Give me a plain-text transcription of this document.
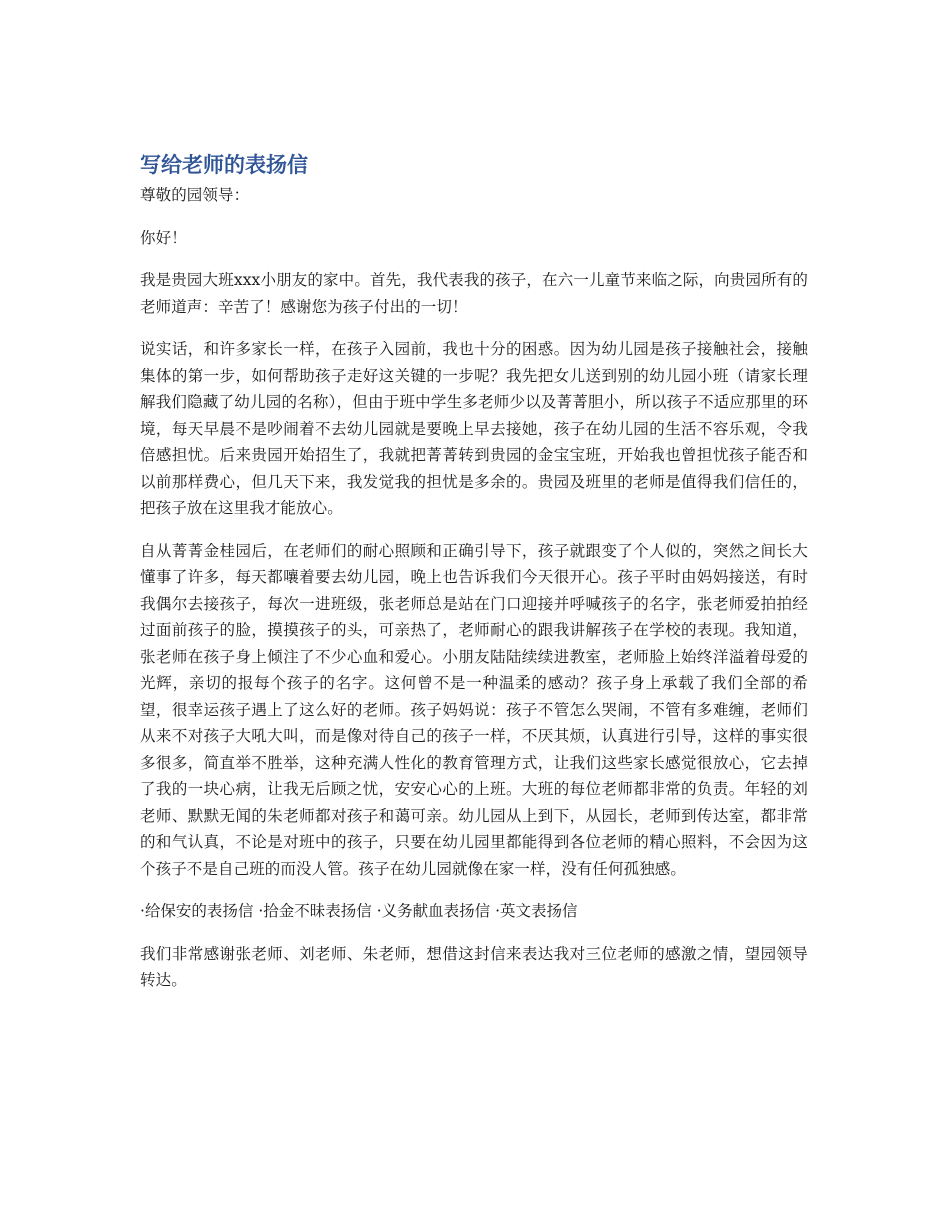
写给老师的表扬信

尊敬的园领导：

你好！

我是贵园大班xxx小朋友的家中。首先，我代表我的孩子，在六一儿童节来临之际，向贵园所有的老师道声：辛苦了！感谢您为孩子付出的一切！

说实话，和许多家长一样，在孩子入园前，我也十分的困惑。因为幼儿园是孩子接触社会，接触集体的第一步，如何帮助孩子走好这关键的一步呢？我先把女儿送到别的幼儿园小班（请家长理解我们隐藏了幼儿园的名称），但由于班中学生多老师少以及菁菁胆小，所以孩子不适应那里的环境，每天早晨不是吵闹着不去幼儿园就是要晚上早去接她，孩子在幼儿园的生活不容乐观，令我倍感担忧。后来贵园开始招生了，我就把菁菁转到贵园的金宝宝班，开始我也曾担忧孩子能否和以前那样费心，但几天下来，我发觉我的担忧是多余的。贵园及班里的老师是值得我们信任的，把孩子放在这里我才能放心。

自从菁菁金桂园后，在老师们的耐心照顾和正确引导下，孩子就跟变了个人似的，突然之间长大懂事了许多，每天都嚷着要去幼儿园，晚上也告诉我们今天很开心。孩子平时由妈妈接送，有时我偶尔去接孩子，每次一进班级，张老师总是站在门口迎接并呼喊孩子的名字，张老师爱拍拍经过面前孩子的脸，摸摸孩子的头，可亲热了，老师耐心的跟我讲解孩子在学校的表现。我知道，张老师在孩子身上倾注了不少心血和爱心。小朋友陆陆续续进教室，老师脸上始终洋溢着母爱的光辉，亲切的报每个孩子的名字。这何曾不是一种温柔的感动？孩子身上承载了我们全部的希望，很幸运孩子遇上了这么好的老师。孩子妈妈说：孩子不管怎么哭闹，不管有多难缠，老师们从来不对孩子大吼大叫，而是像对待自己的孩子一样，不厌其烦，认真进行引导，这样的事实很多很多，简直举不胜举，这种充满人性化的教育管理方式，让我们这些家长感觉很放心，它去掉了我的一块心病，让我无后顾之忧，安安心心的上班。大班的每位老师都非常的负责。年轻的刘老师、默默无闻的朱老师都对孩子和蔼可亲。幼儿园从上到下，从园长，老师到传达室，都非常的和气认真，不论是对班中的孩子，只要在幼儿园里都能得到各位老师的精心照料，不会因为这个孩子不是自己班的而没人管。孩子在幼儿园就像在家一样，没有任何孤独感。

·给保安的表扬信 ·拾金不昧表扬信 ·义务献血表扬信 ·英文表扬信

我们非常感谢张老师、刘老师、朱老师，想借这封信来表达我对三位老师的感激之情，望园领导转达。
